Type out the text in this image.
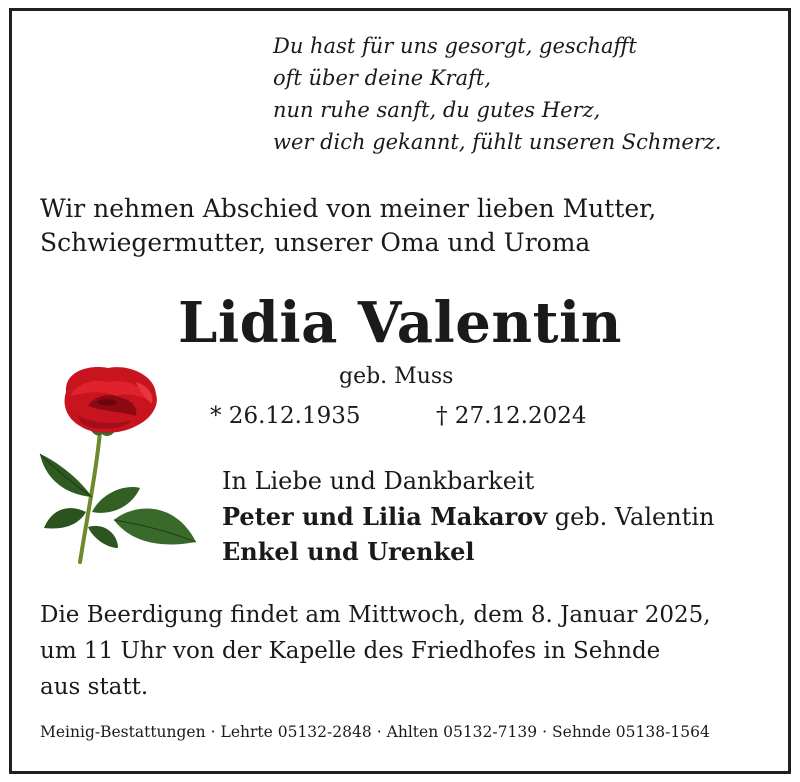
Du hast für uns gesorgt, geschafft
oft über deine Kraft,
nun ruhe sanft, du gutes Herz,
wer dich gekannt, fühlt unseren Schmerz.
Wir nehmen Abschied von meiner lieben Mutter,
Schwiegermutter, unserer Oma und Uroma
Lidia Valentin
geb. Muss
* 26.12.1935	† 27.12.2024
In Liebe und Dankbarkeit
Peter und Lilia Makarov geb. Valentin
Enkel und Urenkel
Die Beerdigung findet am Mittwoch, dem 8. Januar 2025,
um 11 Uhr von der Kapelle des Friedhofes in Sehnde
aus statt.
Meinig-Bestattungen · Lehrte 05132-2848 · Ahlten 05132-7139 · Sehnde 05138-1564
